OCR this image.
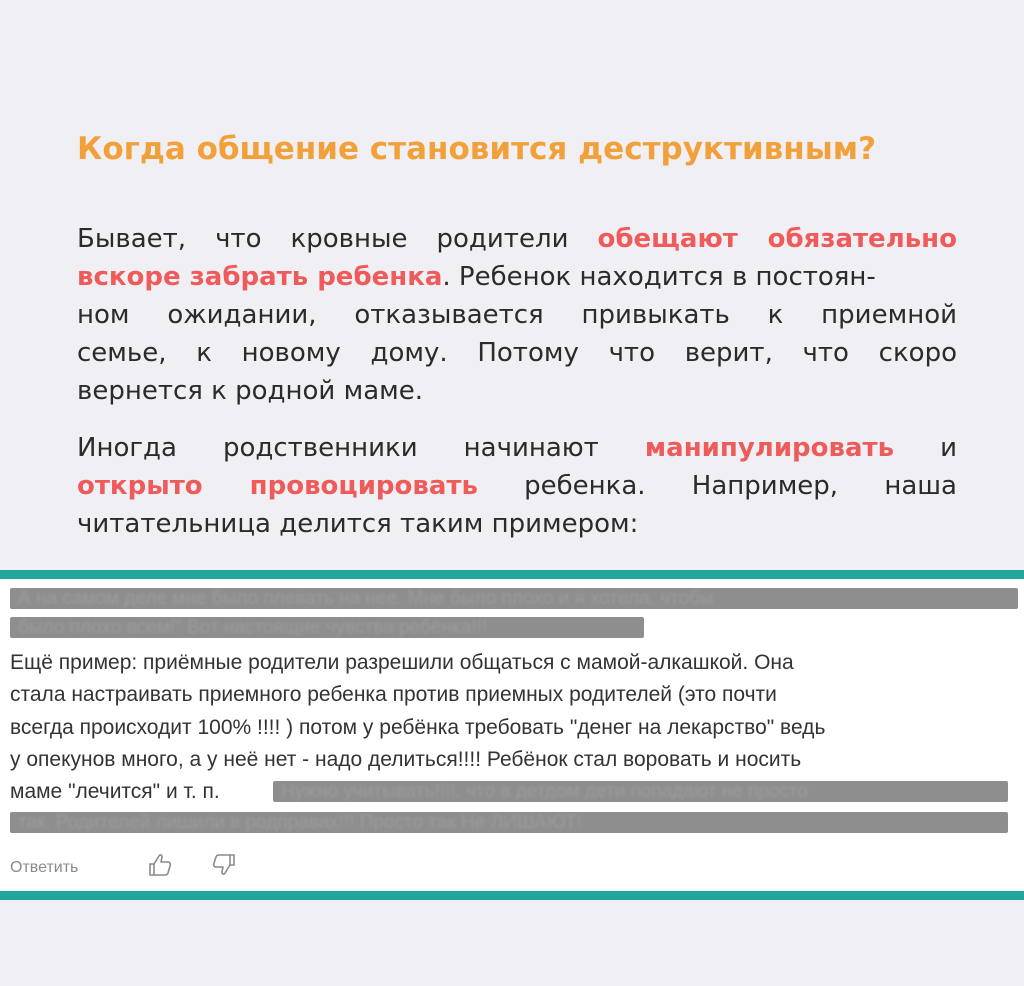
Когда общение становится деструктивным?
Бывает, что кровные родители обещают обязательно
вскоре забрать ребенка. Ребенок находится в постоян-
ном ожидании, отказывается привыкать к приемной
семье, к новому дому. Потому что верит, что скоро
вернется к родной маме.
Иногда родственники начинают манипулировать и
открыто провоцировать ребенка. Например, наша
читательница делится таким примером:
А на самом деле мне было плевать на нее. Мне было плохо и я хотела, чтобы
было плохо всем!" Вот настоящие чувства ребёнка!!!

Ещё пример: приёмные родители разрешили общаться с мамой-алкашкой. Она

стала настраивать приемного ребенка против приемных родителей (это почти

всегда происходит 100% !!!! ) потом у ребёнка требовать "денег на лекарство" ведь

у опекунов много, а у неё нет - надо делиться!!!! Ребёнок стал воровать и носить

маме "лечится" и т. п.	Нужно учитывать!!!!, что в детдом дети попадают не просто
так. Родителей лишили в родправах!!! Просто так Не ЛИШАЮТ!
Ответить
